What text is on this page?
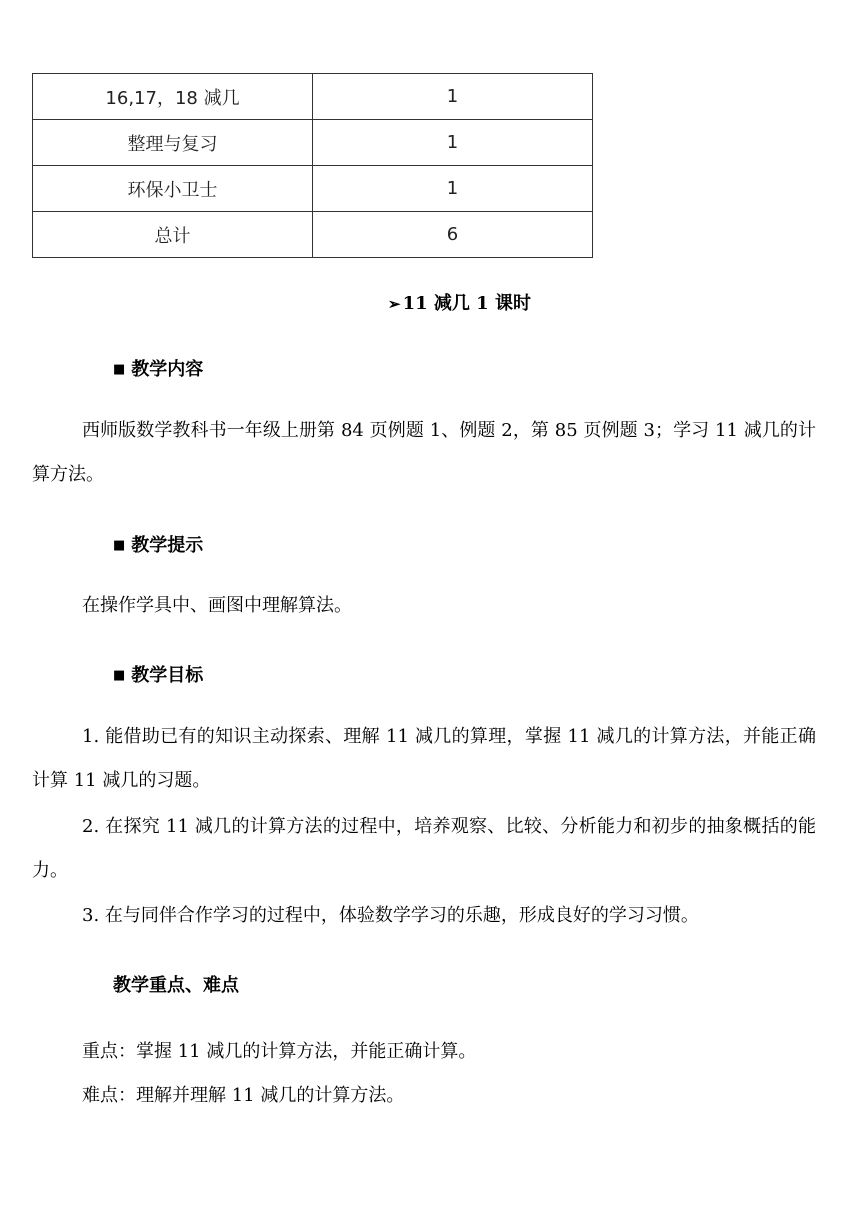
16,17，18 减几	1
整理与复习	1
环保小卫士	1
总计	6
➢ 11 减几 1 课时
■ 教学内容
西师版数学教科书一年级上册第 84 页例题 1、例题 2，第 85 页例题 3；学习 11 减几的计算方法。
■ 教学提示
在操作学具中、画图中理解算法。
■ 教学目标
1. 能借助已有的知识主动探索、理解 11 减几的算理，掌握 11 减几的计算方法，并能正确计算 11 减几的习题。
2. 在探究 11 减几的计算方法的过程中，培养观察、比较、分析能力和初步的抽象概括的能力。
3. 在与同伴合作学习的过程中，体验数学学习的乐趣，形成良好的学习习惯。
教学重点、难点
重点：掌握 11 减几的计算方法，并能正确计算。
难点：理解并理解 11 减几的计算方法。
